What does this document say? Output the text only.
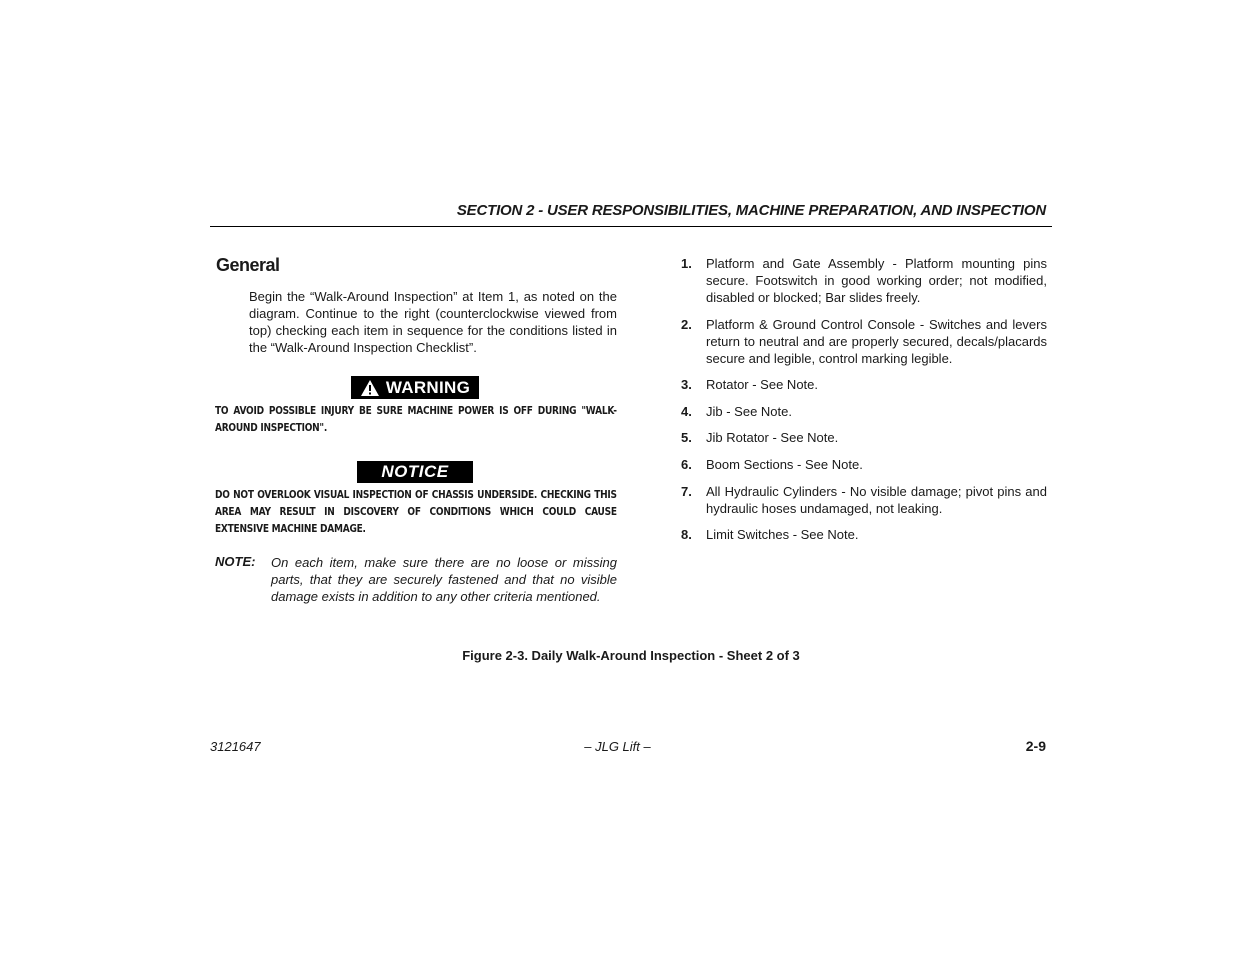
SECTION 2 - USER RESPONSIBILITIES, MACHINE PREPARATION, AND INSPECTION
General
Begin the “Walk-Around Inspection” at Item 1, as noted on the diagram. Continue to the right (counterclockwise viewed from top) checking each item in sequence for the conditions listed in the “Walk-Around Inspection Checklist”.
WARNING
TO AVOID POSSIBLE INJURY BE SURE MACHINE POWER IS OFF DURING "WALK-AROUND INSPECTION".
NOTICE
DO NOT OVERLOOK VISUAL INSPECTION OF CHASSIS UNDERSIDE. CHECKING THIS AREA MAY RESULT IN DISCOVERY OF CONDITIONS WHICH COULD CAUSE EXTENSIVE MACHINE DAMAGE.
NOTE: On each item, make sure there are no loose or missing parts, that they are securely fastened and that no visible damage exists in addition to any other criteria mentioned.
1.	Platform and Gate Assembly - Platform mounting pins secure. Footswitch in good working order; not modified, disabled or blocked; Bar slides freely.
2.	Platform & Ground Control Console - Switches and levers return to neutral and are properly secured, decals/placards secure and legible, control marking legible.
3.	Rotator - See Note.
4.	Jib - See Note.
5.	Jib Rotator - See Note.
6.	Boom Sections - See Note.
7.	All Hydraulic Cylinders - No visible damage; pivot pins and hydraulic hoses undamaged, not leaking.
8.	Limit Switches - See Note.
Figure 2-3. Daily Walk-Around Inspection - Sheet 2 of 3
3121647	– JLG Lift –	2-9
